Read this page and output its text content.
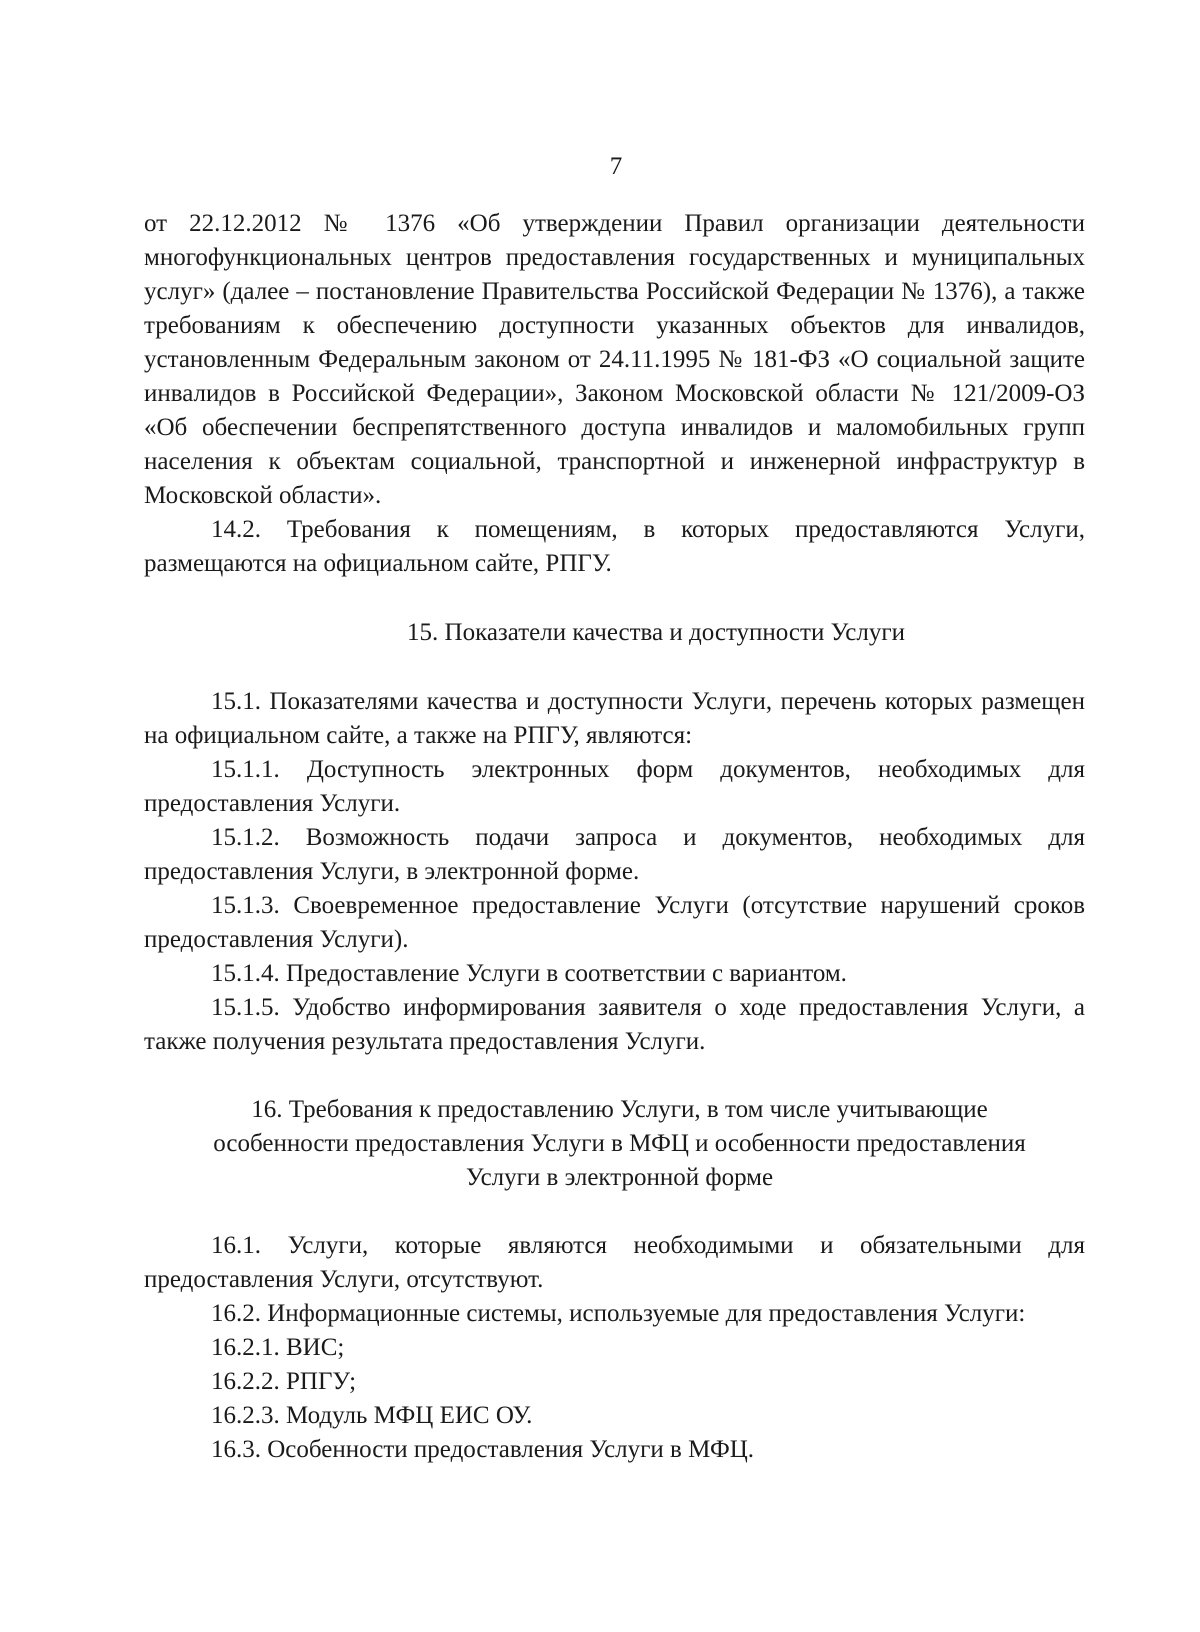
7

от 22.12.2012 № 1376 «Об утверждении Правил организации деятельности многофункциональных центров предоставления государственных и муниципальных услуг» (далее – постановление Правительства Российской Федерации № 1376), а также требованиям к обеспечению доступности указанных объектов для инвалидов, установленным Федеральным законом от 24.11.1995 № 181-ФЗ «О социальной защите инвалидов в Российской Федерации», Законом Московской области № 121/2009-ОЗ «Об обеспечении беспрепятственного доступа инвалидов и маломобильных групп населения к объектам социальной, транспортной и инженерной инфраструктур в Московской области».

14.2. Требования к помещениям, в которых предоставляются Услуги, размещаются на официальном сайте, РПГУ.

15. Показатели качества и доступности Услуги

15.1. Показателями качества и доступности Услуги, перечень которых размещен на официальном сайте, а также на РПГУ, являются:

15.1.1. Доступность электронных форм документов, необходимых для предоставления Услуги.

15.1.2. Возможность подачи запроса и документов, необходимых для предоставления Услуги, в электронной форме.

15.1.3. Своевременное предоставление Услуги (отсутствие нарушений сроков предоставления Услуги).

15.1.4. Предоставление Услуги в соответствии с вариантом.

15.1.5. Удобство информирования заявителя о ходе предоставления Услуги, а также получения результата предоставления Услуги.

16. Требования к предоставлению Услуги, в том числе учитывающие
особенности предоставления Услуги в МФЦ и особенности предоставления
Услуги в электронной форме

16.1. Услуги, которые являются необходимыми и обязательными для предоставления Услуги, отсутствуют.

16.2. Информационные системы, используемые для предоставления Услуги:

16.2.1. ВИС;

16.2.2. РПГУ;

16.2.3. Модуль МФЦ ЕИС ОУ.

16.3. Особенности предоставления Услуги в МФЦ.
